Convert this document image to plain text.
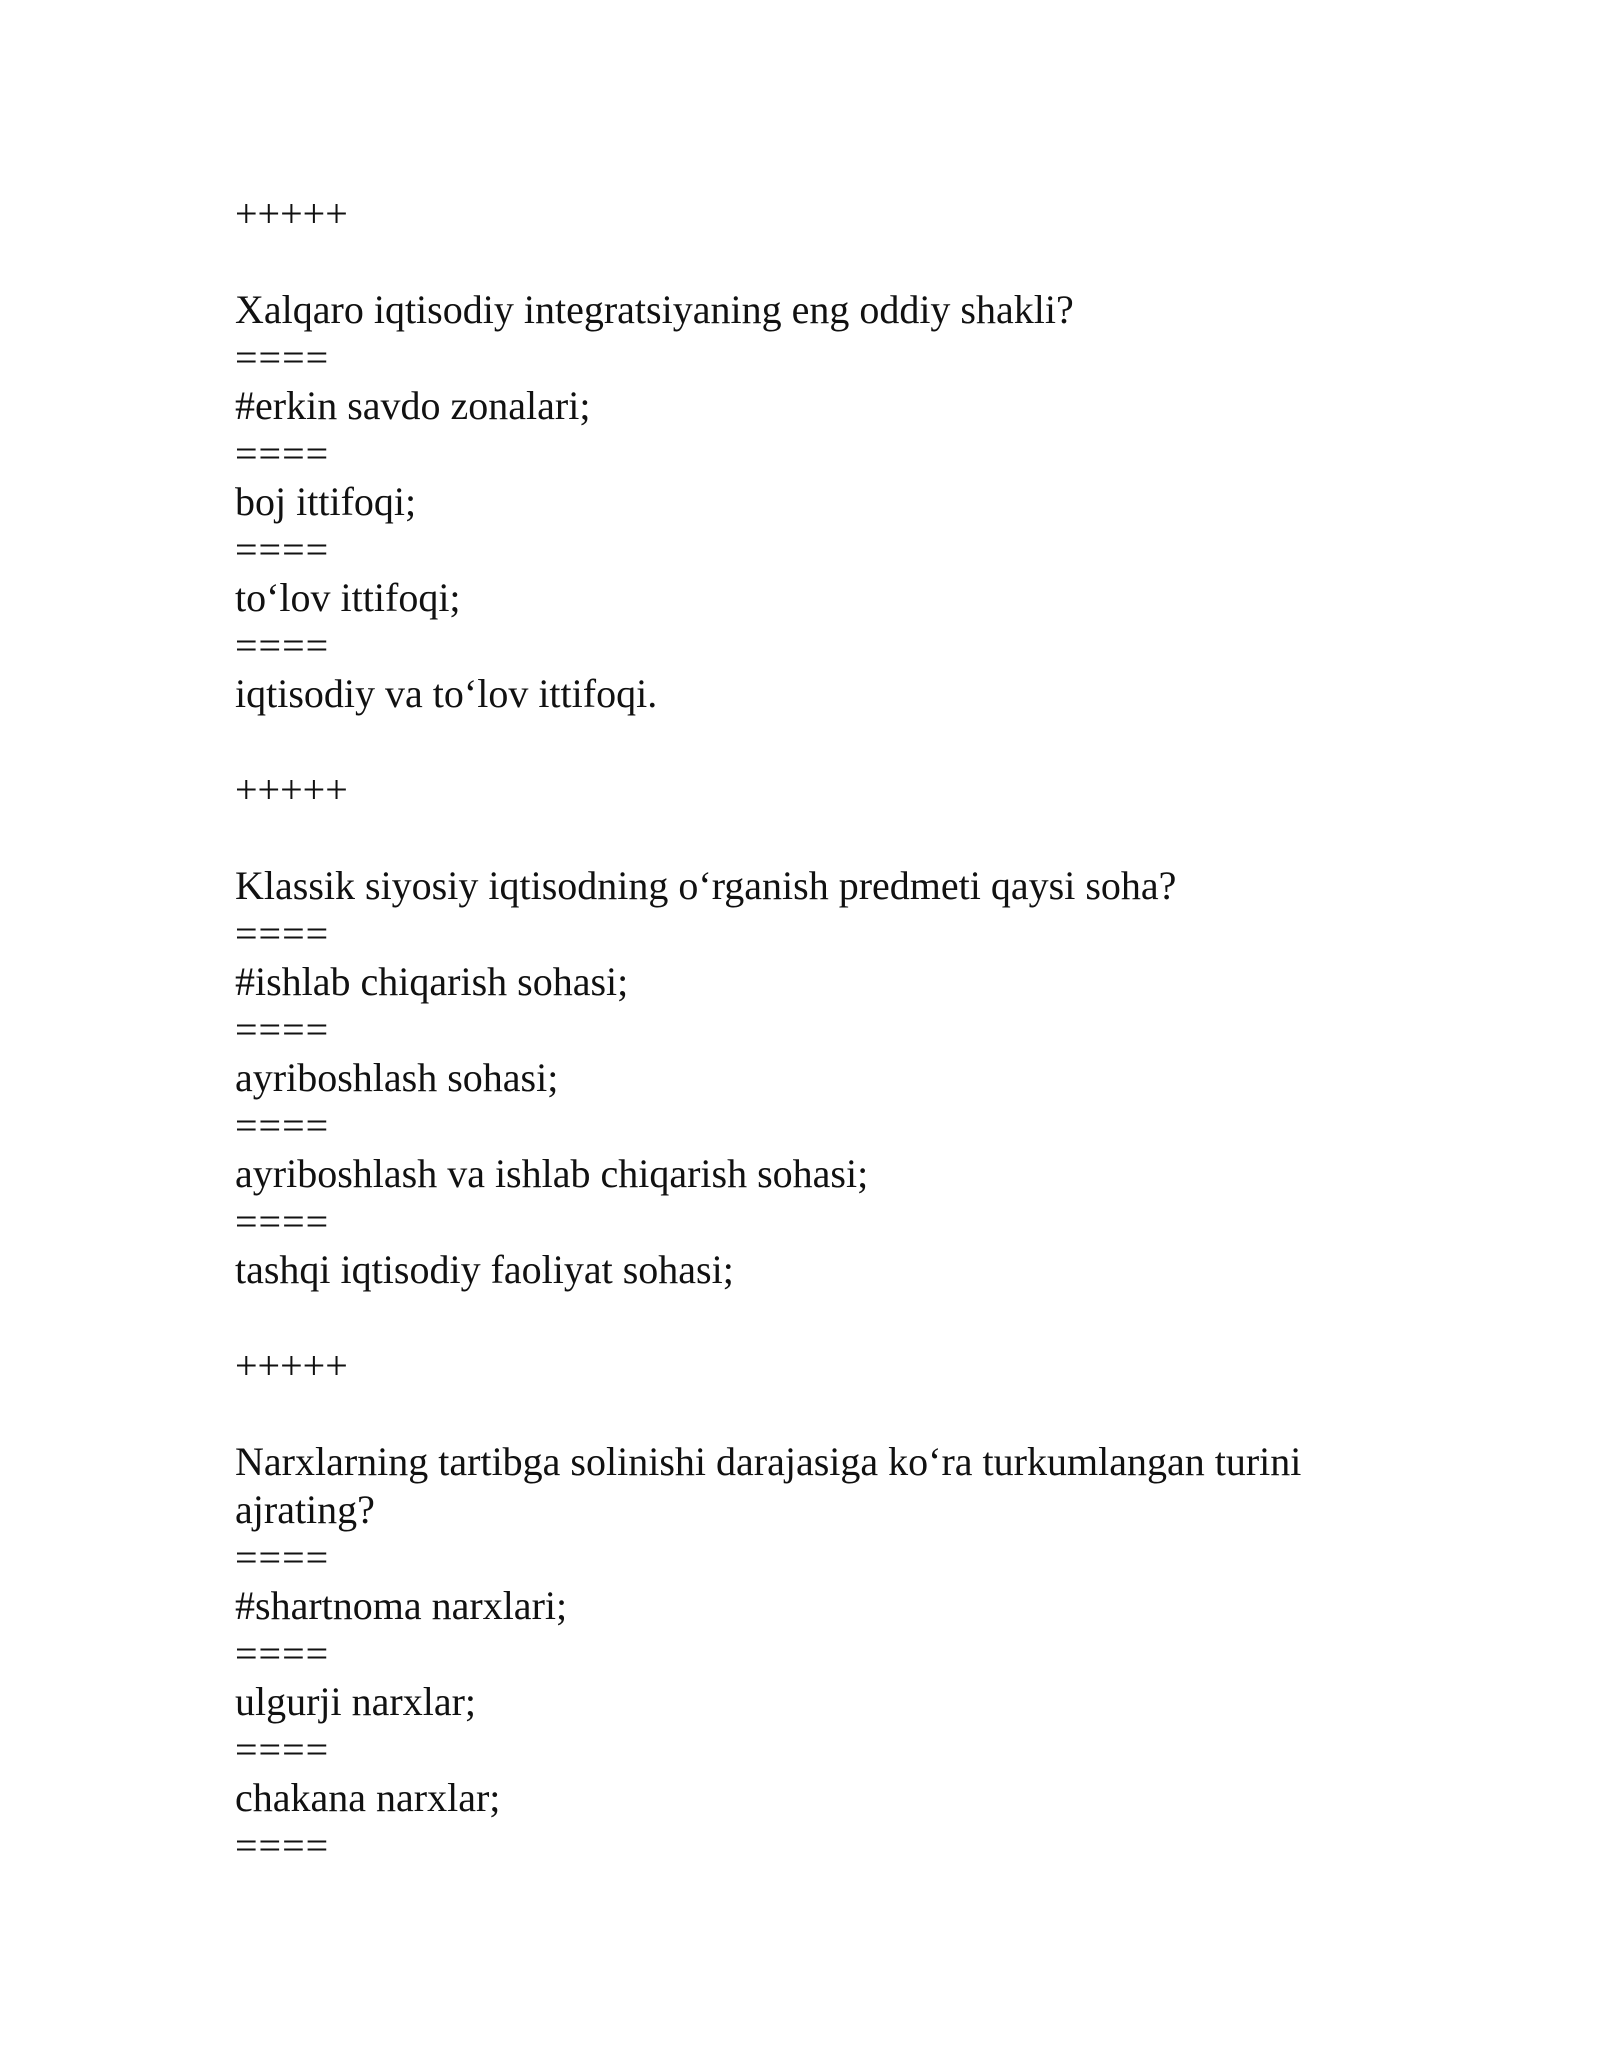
+++++
Xalqaro iqtisodiy integratsiyaning eng oddiy shakli?
====
#erkin savdo zonalari;
====
boj ittifoqi;
====
to‘lov ittifoqi;
====
iqtisodiy va to‘lov ittifoqi.
+++++
Klassik siyosiy iqtisodning o‘rganish predmeti qaysi soha?
====
#ishlab chiqarish sohasi;
====
ayriboshlash sohasi;
====
ayriboshlash va ishlab chiqarish sohasi;
====
tashqi iqtisodiy faoliyat sohasi;
+++++
Narxlarning tartibga solinishi darajasiga ko‘ra turkumlangan turini ajrating?
====
#shartnoma narxlari;
====
ulgurji narxlar;
====
chakana narxlar;
====
